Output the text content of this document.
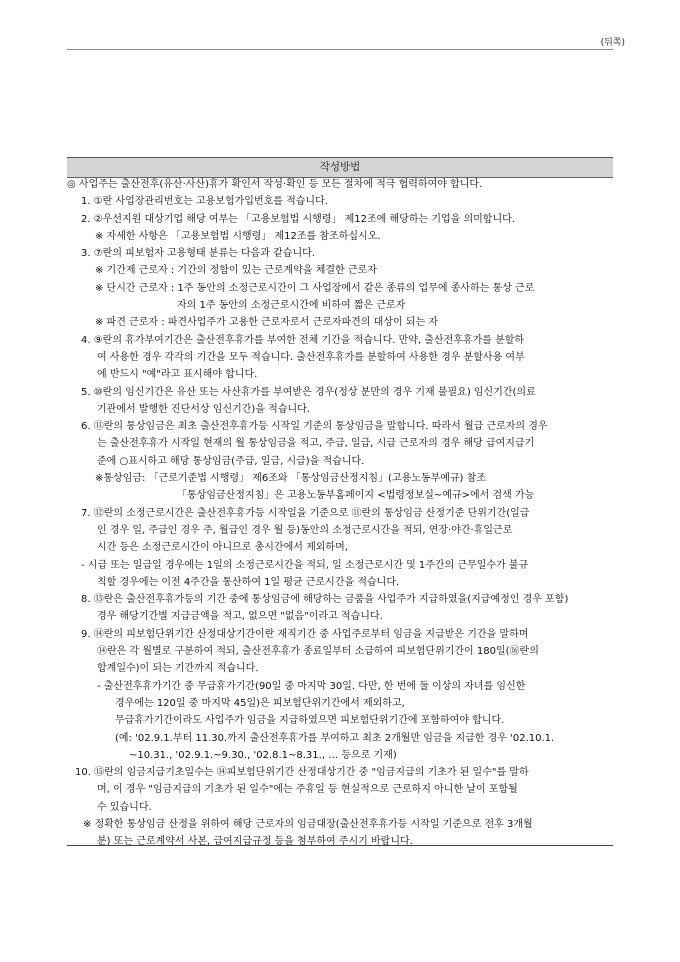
(뒤쪽)
작성방법
◎ 사업주는 출산전후(유산·사산)휴가 확인서 작성·확인 등 모든 절차에 적극 협력하여야 합니다.
1. ①란 사업장관리번호는 고용보험가입번호를 적습니다.
2. ②우선지원 대상기업 해당 여부는 「고용보험법 시행령」 제12조에 해당하는 기업을 의미합니다.
※ 자세한 사항은 「고용보험법 시행령」 제12조를 참조하십시오.
3. ⑦란의 피보험자 고용형태 분류는 다음과 같습니다.
※ 기간제 근로자 : 기간의 정함이 있는 근로계약을 체결한 근로자
※ 단시간 근로자 : 1주 동안의 소정근로시간이 그 사업장에서 같은 종류의 업무에 종사하는 통상 근로
자의 1주 동안의 소정근로시간에 비하여 짧은 근로자
※ 파견 근로자 : 파견사업주가 고용한 근로자로서 근로자파견의 대상이 되는 자
4. ⑨란의 휴가부여기간은 출산전후휴가를 부여한 전체 기간을 적습니다. 만약, 출산전후휴가를 분할하
여 사용한 경우 각각의 기간을 모두 적습니다. 출산전후휴가를 분할하여 사용한 경우 분할사용 여부
에 반드시 "예"라고 표시해야 합니다.
5. ⑩란의 임신기간은 유산 또는 사산휴가를 부여받은 경우(정상 분만의 경우 기재 불필요) 임신기간(의료
기관에서 발행한 진단서상 임신기간)을 적습니다.
6. ⑪란의 통상임금은 최초 출산전후휴가등 시작일 기준의 통상임금을 말합니다. 따라서 월급 근로자의 경우
는 출산전후휴가 시작일 현재의 월 통상임금을 적고, 주급, 일급, 시급 근로자의 경우 해당 급여지급기
준에 ○표시하고 해당 통상임금(주급, 일급, 시급)을 적습니다.
※통상임금: 「근로기준법 시행령」 제6조와 「통상임금산정지침」(고용노동부예규) 참조
「통상임금산정지침」은 고용노동부홈페이지 <법령정보실~예규>에서 검색 가능
7. ⑫란의 소정근로시간은 출산전후휴가등 시작일을 기준으로 ⑪란의 통상임금 산정기준 단위기간(일급
인 경우 일, 주급인 경우 주, 월급인 경우 월 등)동안의 소정근로시간을 적되, 연장·야간·휴일근로
시간 등은 소정근로시간이 아니므로 총시간에서 제외하며,
- 시급 또는 일급일 경우에는 1일의 소정근로시간을 적되, 일 소정근로시간 및 1주간의 근무일수가 불규
칙할 경우에는 이전 4주간을 통산하여 1일 평균 근로시간을 적습니다.
8. ⑬란은 출산전후휴가등의 기간 중에 통상임금에 해당하는 금품을 사업주가 지급하였을(지급예정인 경우 포함)
경우 해당기간별 지급금액을 적고, 없으면 "없음"이라고 적습니다.
9. ⑭란의 피보험단위기간 산정대상기간이란 재직기간 중 사업주로부터 임금을 지급받은 기간을 말하며
⑭란은 각 월별로 구분하여 적되, 출산전후휴가 종료일부터 소급하여 피보험단위기간이 180일(⑯란의
합계일수)이 되는 기간까지 적습니다.
- 출산전후휴가기간 중 무급휴가기간(90일 중 마지막 30일. 다만, 한 번에 둘 이상의 자녀를 임신한
경우에는 120일 중 마지막 45일)은 피보험단위기간에서 제외하고,
무급휴가기간이라도 사업주가 임금을 지급하였으면 피보험단위기간에 포함하여야 합니다.
(예: '02.9.1.부터 11.30.까지 출산전후휴가를 부여하고 최초 2개월만 임금을 지급한 경우 '02.10.1.
~10.31., '02.9.1.~9.30., '02.8.1~8.31., … 등으로 기재)
10. ⑮란의 임금지급기초일수는 ⑭피보험단위기간 산정대상기간 중 "임금지급의 기초가 된 일수"를 말하
며, 이 경우 "임금지급의 기초가 된 일수"에는 주휴일 등 현실적으로 근로하지 아니한 날이 포함될
수 있습니다.
※ 정확한 통상임금 산정을 위하여 해당 근로자의 임금대장(출산전후휴가등 시작일 기준으로 전후 3개월
분) 또는 근로계약서 사본, 급여지급규정 등을 첨부하여 주시기 바랍니다.
